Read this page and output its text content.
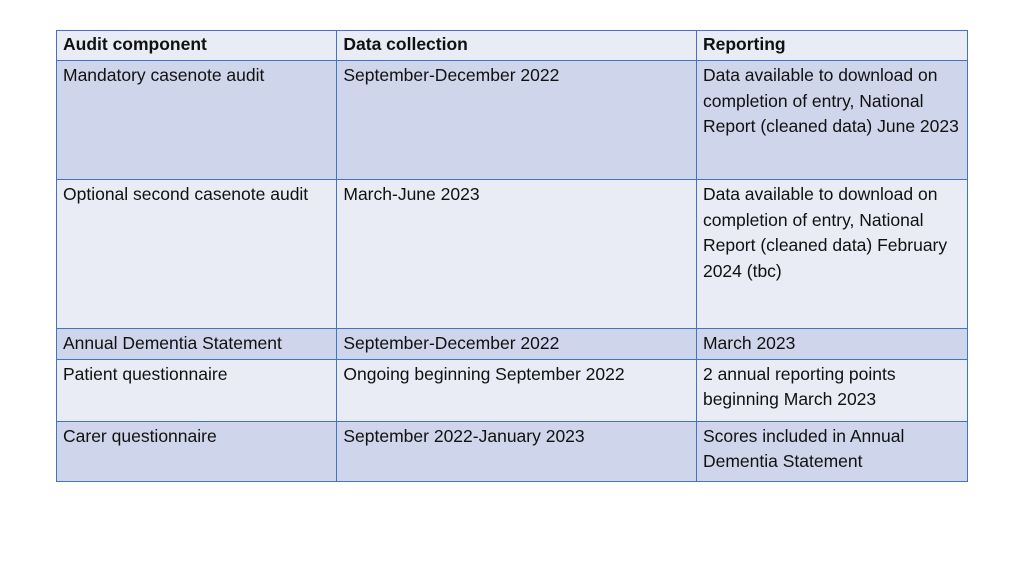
Audit component	Data collection	Reporting
Mandatory casenote audit	September-December 2022	Data available to download on completion of entry, National Report (cleaned data) June 2023
Optional second casenote audit	March-June 2023	Data available to download on completion of entry, National Report (cleaned data) February 2024 (tbc)
Annual Dementia Statement	September-December 2022	March 2023
Patient questionnaire	Ongoing beginning September 2022	2 annual reporting points beginning March 2023
Carer questionnaire	September 2022-January 2023	Scores included in Annual Dementia Statement
